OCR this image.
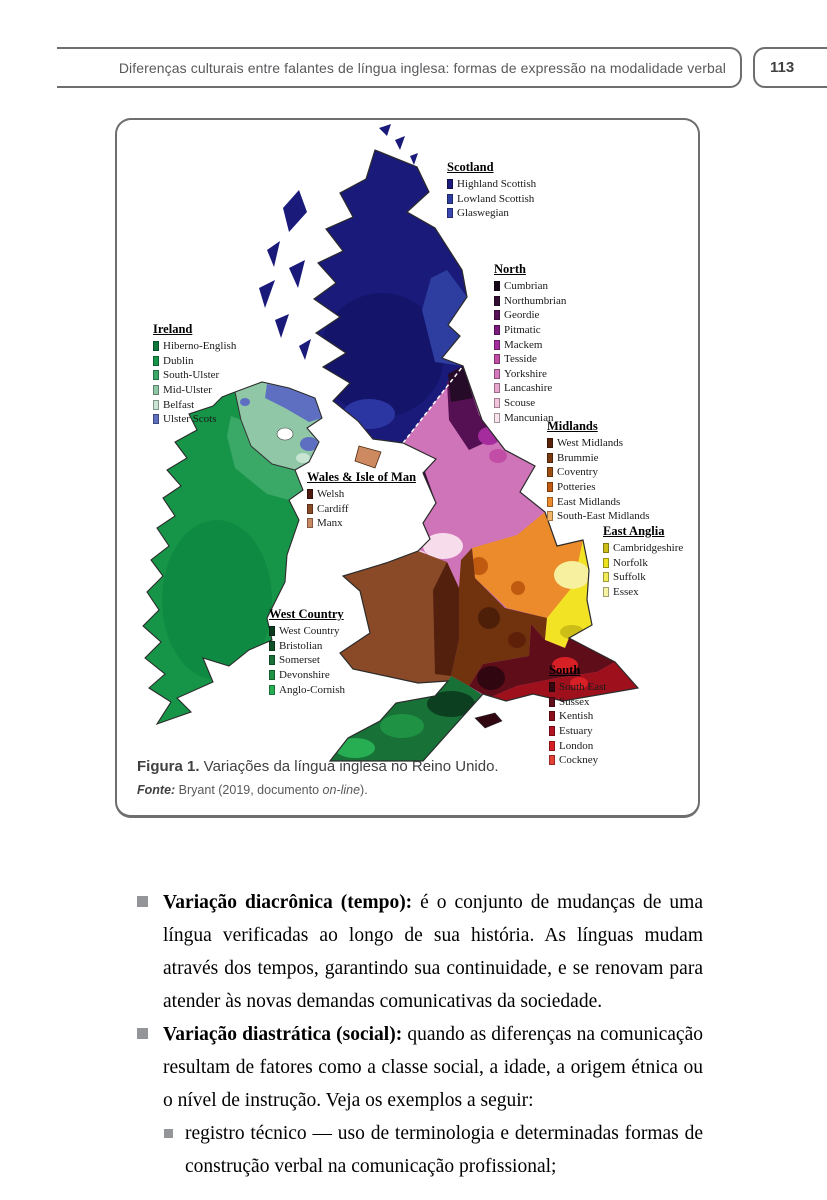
Diferenças culturais entre falantes de língua inglesa: formas de expressão na modalidade verbal	113
Scotland
Highland Scottish
Lowland Scottish
Glaswegian
North
Cumbrian
Northumbrian
Geordie
Pitmatic
Mackem
Tesside
Yorkshire
Lancashire
Scouse
Mancunian
Ireland
Hiberno-English
Dublin
South-Ulster
Mid-Ulster
Belfast
Ulster Scots	Midlands
West Midlands
Brummie
Coventry
Potteries
East Midlands
South-East Midlands
Wales & Isle of Man
Welsh
Cardiff
Manx
East Anglia
Cambridgeshire
Norfolk
Suffolk
Essex
West Country
West Country
Bristolian
Somerset
Devonshire
Anglo-Cornish
South
South East
Sussex
Kentish
Estuary
London
Cockney
Figura 1. Variações da língua inglesa no Reino Unido.
Fonte: Bryant (2019, documento on-line).

Variação diacrônica (tempo): é o conjunto de mudanças de uma língua verificadas ao longo de sua história. As línguas mudam através dos tempos, garantindo sua continuidade, e se renovam para atender às novas demandas comunicativas da sociedade.

Variação diastrática (social): quando as diferenças na comunicação resultam de fatores como a classe social, a idade, a origem étnica ou o nível de instrução. Veja os exemplos a seguir:

registro técnico — uso de terminologia e determinadas formas de construção verbal na comunicação profissional;
